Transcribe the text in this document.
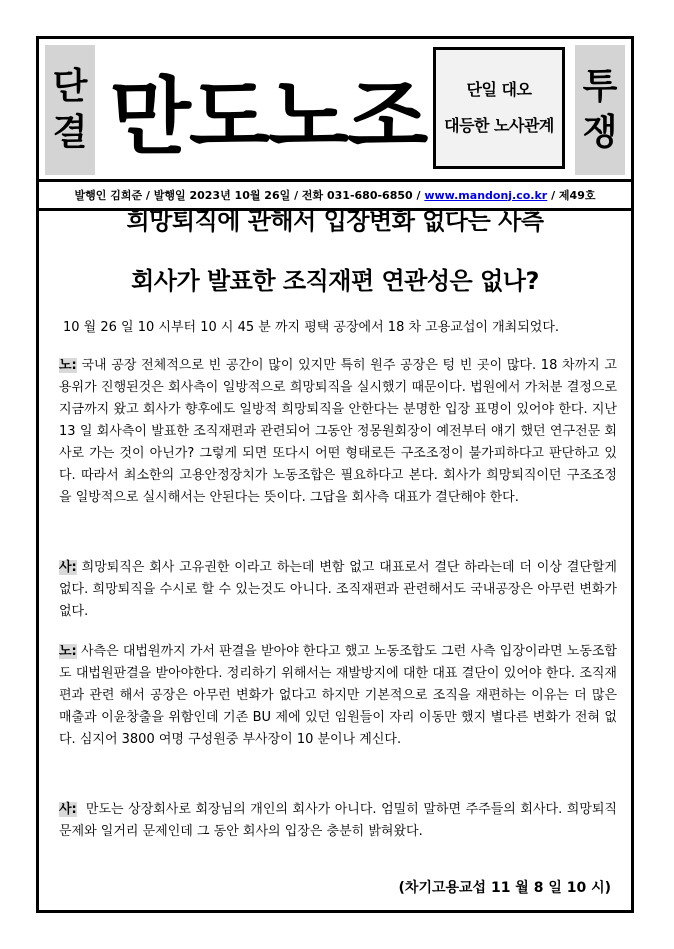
단
결 만도노조	단일 대오
대등한 노사관계
투
쟁
발행인 김희준 / 발행일 2023년 10월 26일 / 전화 031-680-6850 / www.mandonj.co.kr / 제49호
희망퇴직에 관해서 입장변화 없다는 사측
회사가 발표한 조직재편 연관성은 없나?
10 월 26 일 10 시부터 10 시 45 분 까지 평택 공장에서 18 차 고용교섭이 개최되었다.
노: 국내 공장 전체적으로 빈 공간이 많이 있지만 특히 원주 공장은 텅 빈 곳이 많다. 18 차까지 고용위가 진행된것은 회사측이 일방적으로 희망퇴직을 실시했기 때문이다. 법원에서 가처분 결정으로 지금까지 왔고 회사가 향후에도 일방적 희망퇴직을 안한다는 분명한 입장 표명이 있어야 한다. 지난 13 일 회사측이 발표한 조직재편과 관련되어 그동안 정몽원회장이 예전부터 얘기 했던 연구전문 회사로 가는 것이 아닌가? 그렇게 되면 또다시 어떤 형태로든 구조조정이 불가피하다고 판단하고 있다. 따라서 최소한의 고용안정장치가 노동조합은 필요하다고 본다. 회사가 희망퇴직이던 구조조정을 일방적으로 실시해서는 안된다는 뜻이다. 그답을 회사측 대표가 결단해야 한다.
사: 희망퇴직은 회사 고유권한 이라고 하는데 변함 없고 대표로서 결단 하라는데 더 이상 결단할게 없다. 희망퇴직을 수시로 할 수 있는것도 아니다. 조직재편과 관련해서도 국내공장은 아무런 변화가 없다.
노: 사측은 대법원까지 가서 판결을 받아야 한다고 했고 노동조합도 그런 사측 입장이라면 노동조합도 대법원판결을 받아야한다. 정리하기 위해서는 재발방지에 대한 대표 결단이 있어야 한다. 조직재편과 관련 해서 공장은 아무런 변화가 없다고 하지만 기본적으로 조직을 재편하는 이유는 더 많은 매출과 이윤창출을 위함인데 기존 BU 제에 있던 임원들이 자리 이동만 했지 별다른 변화가 전혀 없다. 심지어 3800 여명 구성원중 부사장이 10 분이나 계신다.
사:  만도는 상장회사로 회장님의 개인의 회사가 아니다. 엄밀히 말하면 주주들의 회사다. 희망퇴직 문제와 일거리 문제인데 그 동안 회사의 입장은 충분히 밝혀왔다.
(차기고용교섭 11 월 8 일 10 시)
